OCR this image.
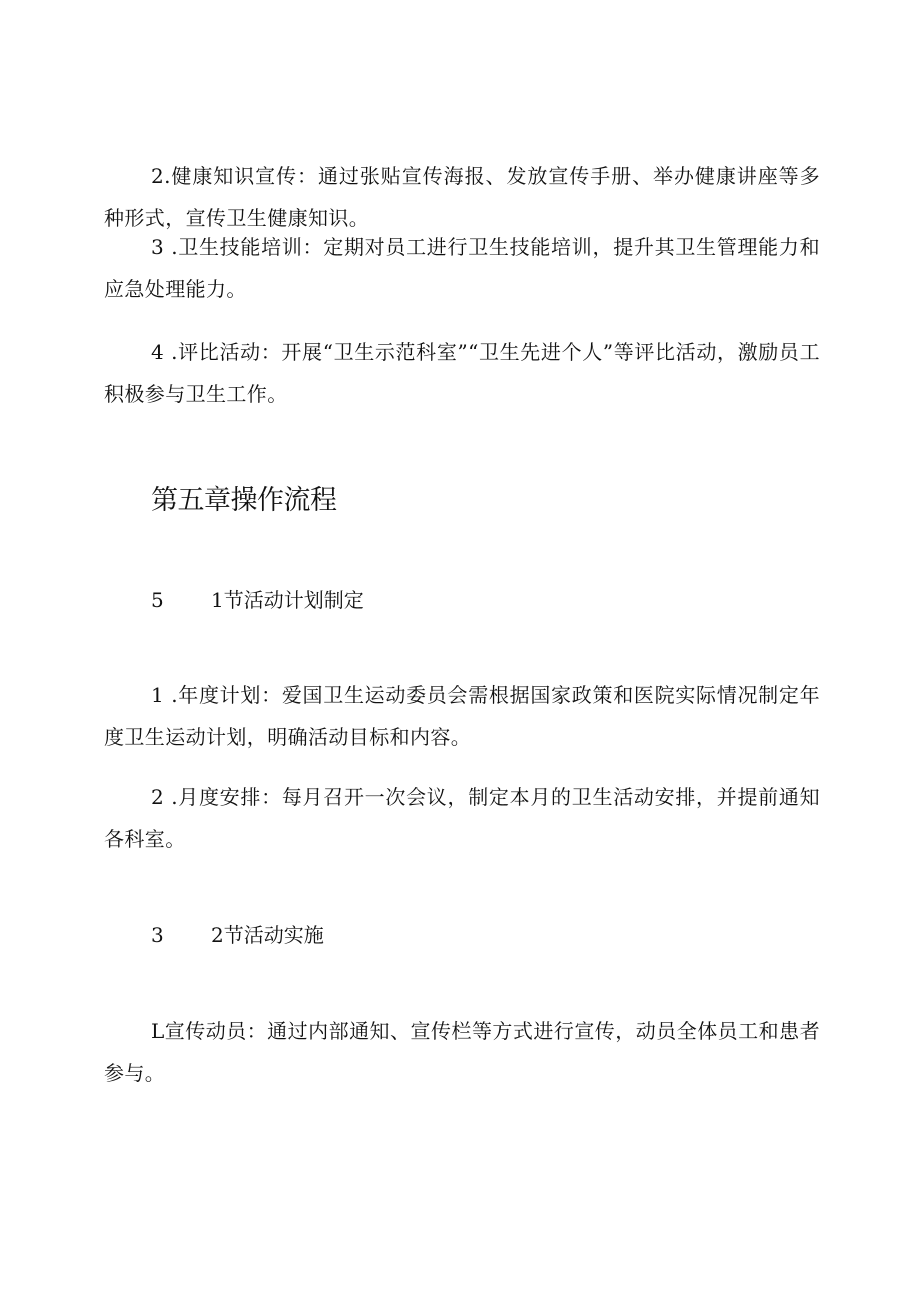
2.健康知识宣传：通过张贴宣传海报、发放宣传手册、举办健康讲座等多种形式，宣传卫生健康知识。

3 .卫生技能培训：定期对员工进行卫生技能培训，提升其卫生管理能力和应急处理能力。

4 .评比活动：开展“卫生示范科室”“卫生先进个人”等评比活动，激励员工积极参与卫生工作。

第五章操作流程
5	1节活动计划制定

1 .年度计划：爱国卫生运动委员会需根据国家政策和医院实际情况制定年度卫生运动计划，明确活动目标和内容。

2 .月度安排：每月召开一次会议，制定本月的卫生活动安排，并提前通知各科室。

3	2节活动实施

L宣传动员：通过内部通知、宣传栏等方式进行宣传，动员全体员工和患者参与。
